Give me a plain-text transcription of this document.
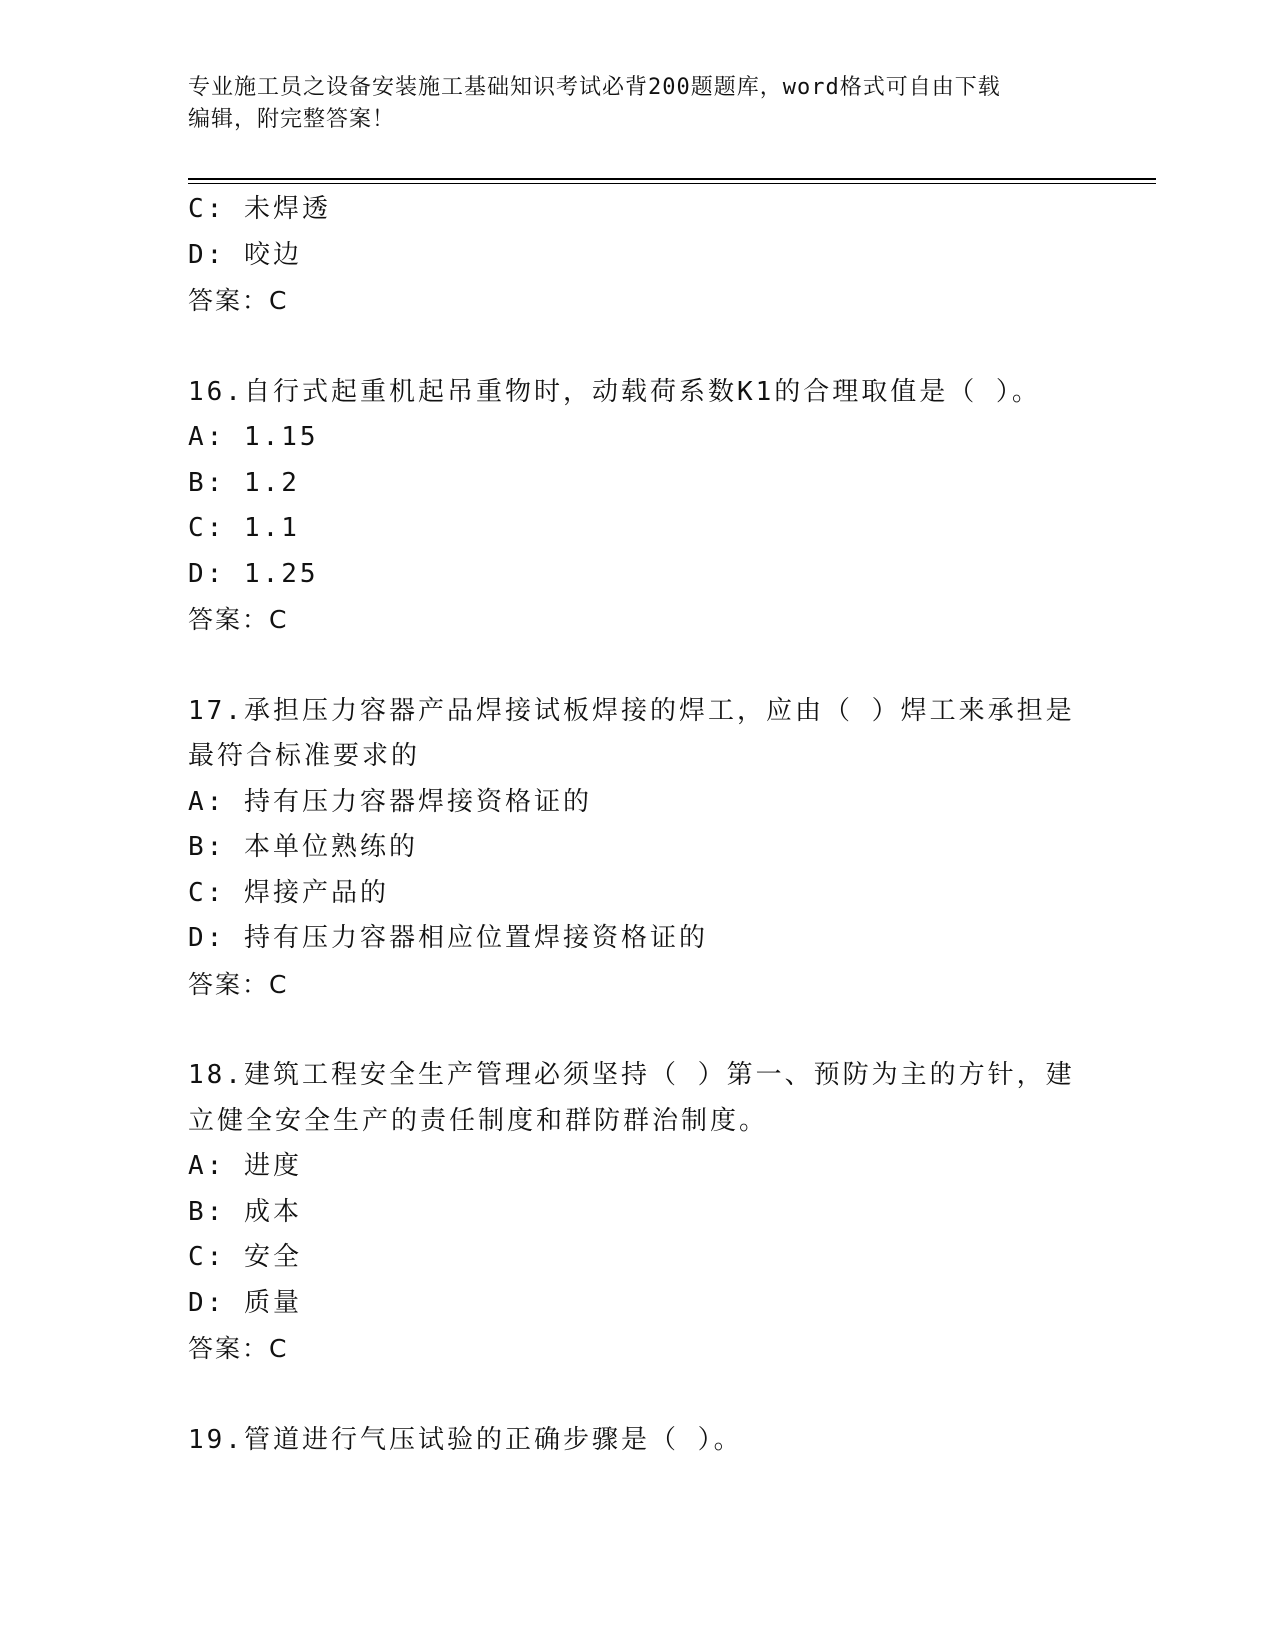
专业施工员之设备安装施工基础知识考试必背200题题库，word格式可自由下载
编辑，附完整答案！
C: 未焊透
D: 咬边
答案：C
16.自行式起重机起吊重物时，动载荷系数K1的合理取值是（ ）。
A: 1.15
B: 1.2
C: 1.1
D: 1.25
答案：C
17.承担压力容器产品焊接试板焊接的焊工，应由（ ）焊工来承担是
最符合标准要求的
A: 持有压力容器焊接资格证的
B: 本单位熟练的
C: 焊接产品的
D: 持有压力容器相应位置焊接资格证的
答案：C
18.建筑工程安全生产管理必须坚持（ ）第一、预防为主的方针，建
立健全安全生产的责任制度和群防群治制度。
A: 进度
B: 成本
C: 安全
D: 质量
答案：C
19.管道进行气压试验的正确步骤是（ ）。
